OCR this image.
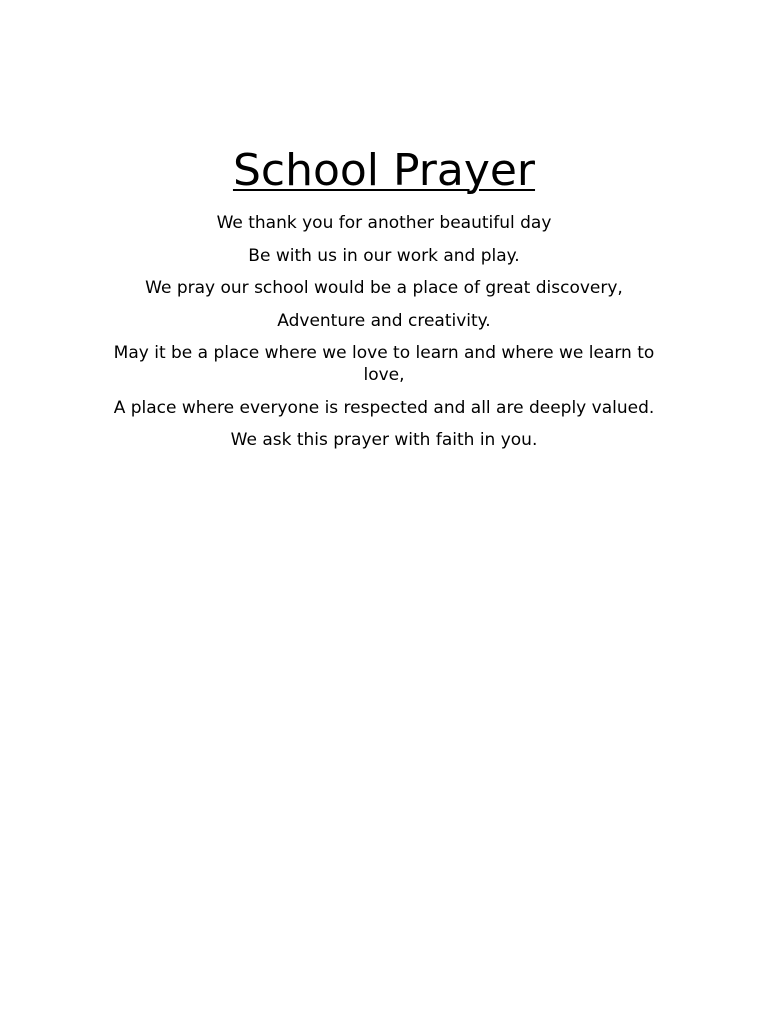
School Prayer
We thank you for another beautiful day
Be with us in our work and play.
We pray our school would be a place of great discovery,
Adventure and creativity.
May it be a place where we love to learn and where we learn to love,
A place where everyone is respected and all are deeply valued.
We ask this prayer with faith in you.
